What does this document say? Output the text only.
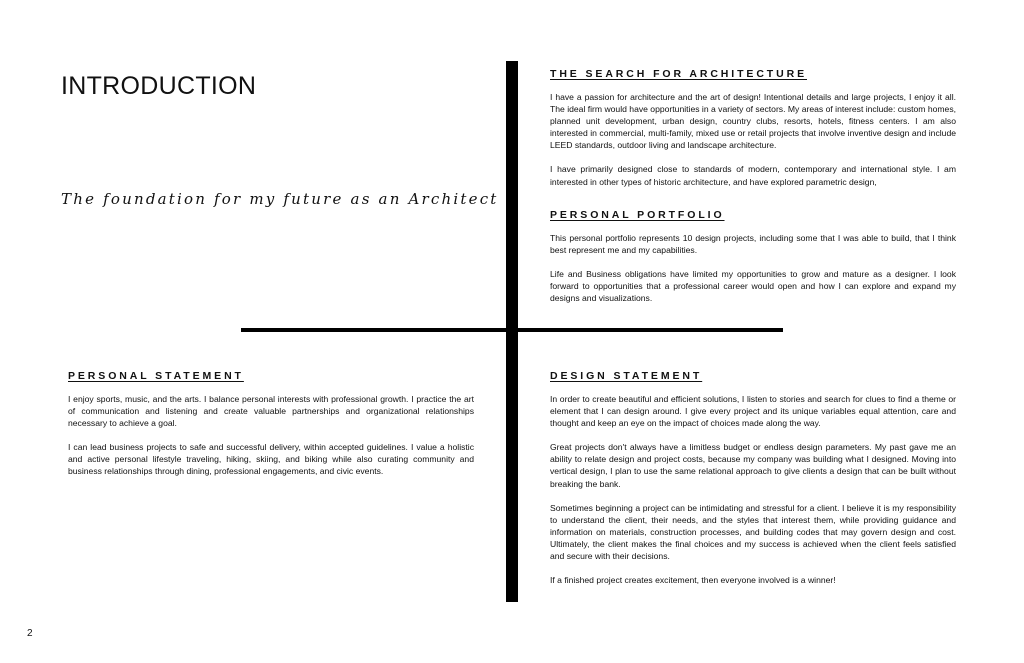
INTRODUCTION
The foundation for my future as an Architect
THE SEARCH FOR ARCHITECTURE

I have a passion for architecture and the art of design! Intentional details and large projects, I enjoy it all. The ideal firm would have opportunities in a variety of sectors. My areas of interest include: custom homes, planned unit development, urban design, country clubs, resorts, hotels, fitness centers. I am also interested in commercial, multi-family, mixed use or retail projects that involve inventive design and include LEED standards, outdoor living and landscape architecture.

I have primarily designed close to standards of modern, contemporary and international style. I am interested in other types of historic architecture, and have explored parametric design,

PERSONAL PORTFOLIO

This personal portfolio represents 10 design projects, including some that I was able to build, that I think best represent me and my capabilities.

Life and Business obligations have limited my opportunities to grow and mature as a designer. I look forward to opportunities that a professional career would open and how I can explore and expand my designs and visualizations.

PERSONAL STATEMENT

I enjoy sports, music, and the arts. I balance personal interests with professional growth. I practice the art of communication and listening and create valuable partnerships and organizational relationships necessary to achieve a goal.

I can lead business projects to safe and successful delivery, within accepted guidelines. I value a holistic and active personal lifestyle traveling, hiking, skiing, and biking while also curating community and business relationships through dining, professional engagements, and civic events.

DESIGN STATEMENT

In order to create beautiful and efficient solutions, I listen to stories and search for clues to find a theme or element that I can design around. I give every project and its unique variables equal attention, care and thought and keep an eye on the impact of choices made along the way.

Great projects don't always have a limitless budget or endless design parameters. My past gave me an ability to relate design and project costs, because my company was building what I designed. Moving into vertical design, I plan to use the same relational approach to give clients a design that can be built without breaking the bank.

Sometimes beginning a project can be intimidating and stressful for a client. I believe it is my responsibility to understand the client, their needs, and the styles that interest them, while providing guidance and information on materials, construction processes, and building codes that may govern design and cost. Ultimately, the client makes the final choices and my success is achieved when the client feels satisfied and secure with their decisions.

If a finished project creates excitement, then everyone involved is a winner!

2
